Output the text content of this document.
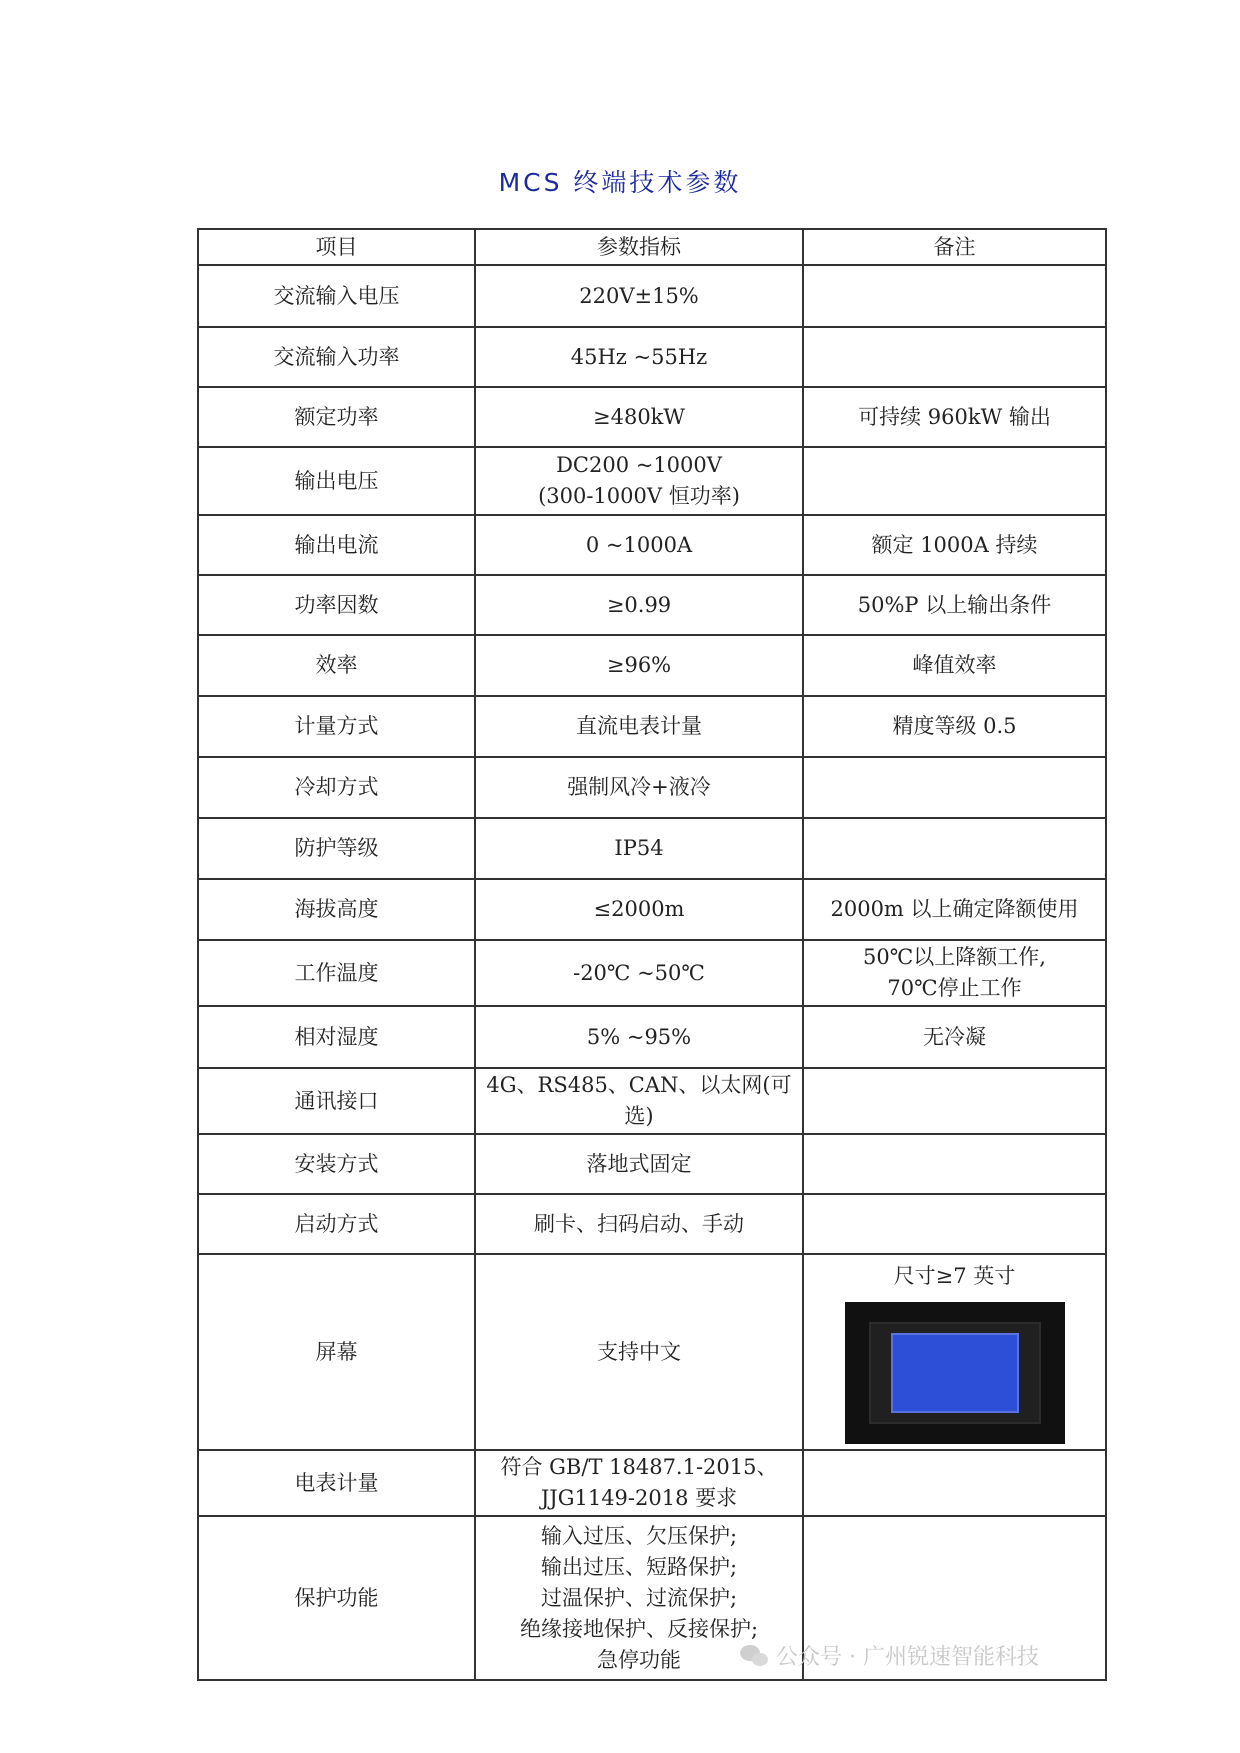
MCS 终端技术参数
项目	参数指标	备注
交流输入电压	220V±15%	
交流输入功率	45Hz ~55Hz	
额定功率	≥480kW	可持续 960kW 输出
输出电压	DC200 ~1000V
(300-1000V 恒功率)	
输出电流	0 ~1000A	额定 1000A 持续
功率因数	≥0.99	50%P 以上输出条件
效率	≥96%	峰值效率
计量方式	直流电表计量	精度等级 0.5
冷却方式	强制风冷+液冷	
防护等级	IP54	
海拔高度	≤2000m	2000m 以上确定降额使用
工作温度	-20℃ ~50℃	50℃以上降额工作,
70℃停止工作
相对湿度	5% ~95%	无冷凝
通讯接口	4G、RS485、CAN、以太网(可
选)	
安装方式	落地式固定	
启动方式	刷卡、扫码启动、手动	
屏幕	支持中文	尺寸≥7 英寸

电表计量	符合 GB/T 18487.1-2015、
JJG1149-2018 要求	
保护功能	输入过压、欠压保护;
输出过压、短路保护;
过温保护、过流保护;
绝缘接地保护、反接保护;
急停功能		公众号 · 广州锐速智能科技
